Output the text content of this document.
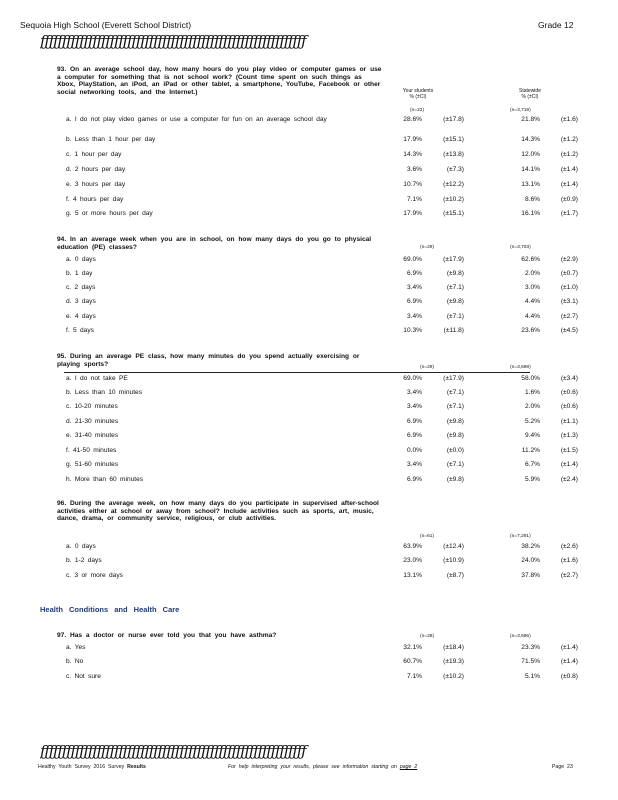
Sequoia High School (Everett School District)	Grade 12
ƒƒƒƒƒƒƒƒƒƒƒƒƒƒƒƒƒƒƒƒƒƒƒƒƒƒƒƒƒƒƒƒƒƒƒƒƒƒƒƒƒƒƒƒƒƒƒƒƒƒƒƒƒƒƒƒƒƒƒƒƒ
Your students
% (±CI)
Statewide
% (±CI)
93. On an average school day, how many hours do you play video or computer games or use a computer for something that is not school work? (Count time spent on such things as Xbox, PlayStation, an iPod, an iPad or other tablet, a smartphone, YouTube, Facebook or other social networking tools, and the Internet.)
(n=22)	(n=3,719)
a. I do not play video games or use a computer for fun on an average school day	28.6%	(±17.8)	21.8%	(±1.6)
b. Less than 1 hour per day	17.9%	(±15.1)	14.3%	(±1.2)
c. 1 hour per day	14.3%	(±13.8)	12.0%	(±1.2)
d. 2 hours per day	3.6%	(±7.3)	14.1%	(±1.4)
e. 3 hours per day	10.7%	(±12.2)	13.1%	(±1.4)
f. 4 hours per day	7.1%	(±10.2)	8.6%	(±0.9)
g. 5 or more hours per day	17.9%	(±15.1)	16.1%	(±1.7)
94. In an average week when you are in school, on how many days do you go to physical education (PE) classes?	(n=29)	(n=3,703)
a. 0 days	69.0%	(±17.9)	62.6%	(±2.9)
b. 1 day	6.9%	(±9.8)	2.0%	(±0.7)
c. 2 days	3.4%	(±7.1)	3.0%	(±1.0)
d. 3 days	6.9%	(±9.8)	4.4%	(±3.1)
e. 4 days	3.4%	(±7.1)	4.4%	(±2.7)
f. 5 days	10.3%	(±11.8)	23.6%	(±4.5)
95. During an average PE class, how many minutes do you spend actually exercising or playing sports?	(n=29)	(n=3,698)
a. I do not take PE	69.0%	(±17.9)	58.0%	(±3.4)
b. Less than 10 minutes	3.4%	(±7.1)	1.6%	(±0.6)
c. 10-20 minutes	3.4%	(±7.1)	2.0%	(±0.6)
d. 21-30 minutes	6.9%	(±9.8)	5.2%	(±1.1)
e. 31-40 minutes	6.9%	(±9.8)	9.4%	(±1.3)
f. 41-50 minutes	0.0%	(±0.0)	11.2%	(±1.5)
g. 51-60 minutes	3.4%	(±7.1)	6.7%	(±1.4)
h. More than 60 minutes	6.9%	(±9.8)	5.9%	(±2.4)
96. During the average week, on how many days do you participate in supervised after-school activities either at school or away from school? Include activities such as sports, art, music, dance, drama, or community service, religious, or club activities.
(n=61)	(n=7,291)
a. 0 days	63.9%	(±12.4)	38.2%	(±2.6)
b. 1-2 days	23.0%	(±10.9)	24.0%	(±1.6)
c. 3 or more days	13.1%	(±8.7)	37.8%	(±2.7)
Health Conditions and Health Care
97. Has a doctor or nurse ever told you that you have asthma?	(n=28)	(n=3,696)
a. Yes	32.1%	(±18.4)	23.3%	(±1.4)
b. No	60.7%	(±19.3)	71.5%	(±1.4)
c. Not sure	7.1%	(±10.2)	5.1%	(±0.8)
ƒƒƒƒƒƒƒƒƒƒƒƒƒƒƒƒƒƒƒƒƒƒƒƒƒƒƒƒƒƒƒƒƒƒƒƒƒƒƒƒƒƒƒƒƒƒƒƒƒƒƒƒƒƒƒƒƒƒƒƒƒ
Healthy Youth Survey 2016 Survey Results	For help interpreting your results, please see information starting on page 2	Page 23
